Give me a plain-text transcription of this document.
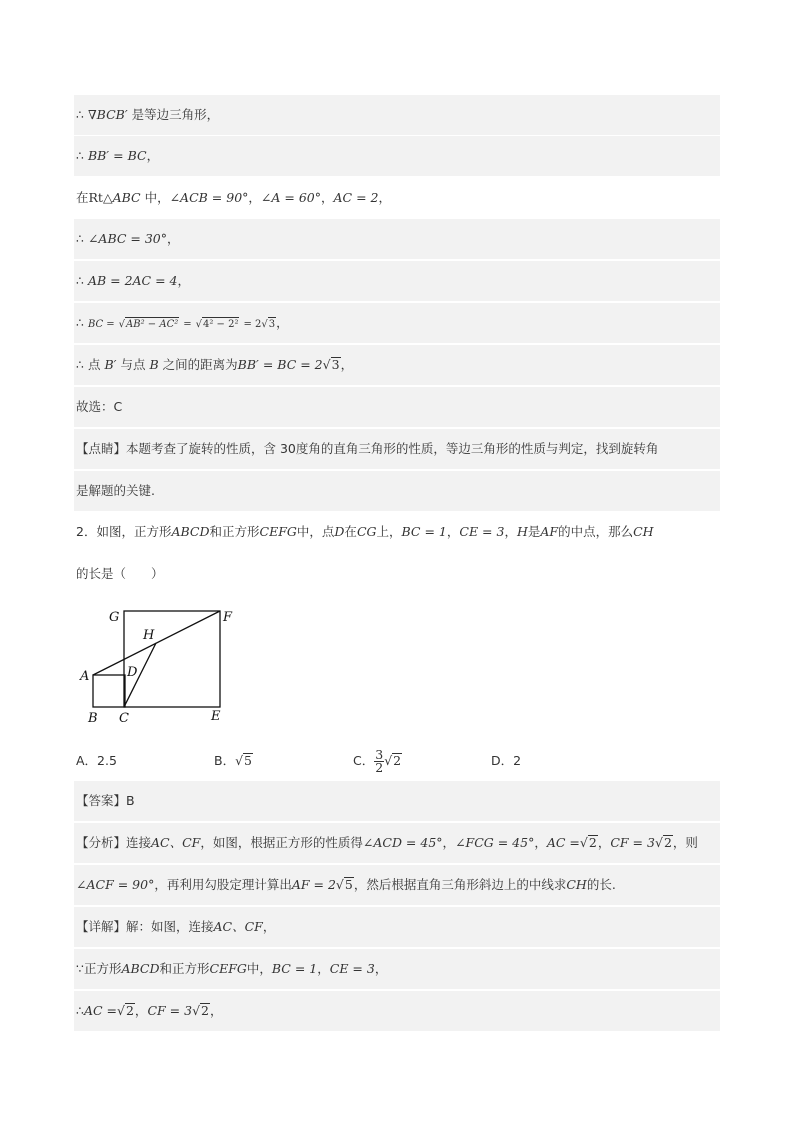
∴ ∇BCB′ 是等边三角形，
∴ BB′ = BC，
在Rt△ABC 中，∠ACB = 90°，∠A = 60°，AC = 2，
∴ ∠ABC = 30°，
∴ AB = 2AC = 4，
∴ BC = √AB² − AC² = √4² − 2² = 2√3，
∴ 点 B′ 与点 B 之间的距离为BB′ = BC = 2√3，
故选：C
【点睛】本题考查了旋转的性质，含 30度角的直角三角形的性质，等边三角形的性质与判定，找到旋转角
是解题的关键.
2．如图，正方形ABCD和正方形CEFG中，点D在CG上，BC = 1，CE = 3，H是AF的中点，那么CH
的长是（　　）
G	F
H
A	D
B C	E
A．2.5	B．√5	C． $\frac{3}{2} √2$	D．2
【答案】B
【分析】连接AC、CF，如图，根据正方形的性质得∠ACD = 45°，∠FCG = 45°，AC =√2，CF = 3√2，则
∠ACF = 90°，再利用勾股定理计算出AF = 2√5，然后根据直角三角形斜边上的中线求CH的长.
【详解】解：如图，连接AC、CF，
∵正方形ABCD和正方形CEFG中，BC = 1，CE = 3，
∴AC =√2，CF = 3√2，
